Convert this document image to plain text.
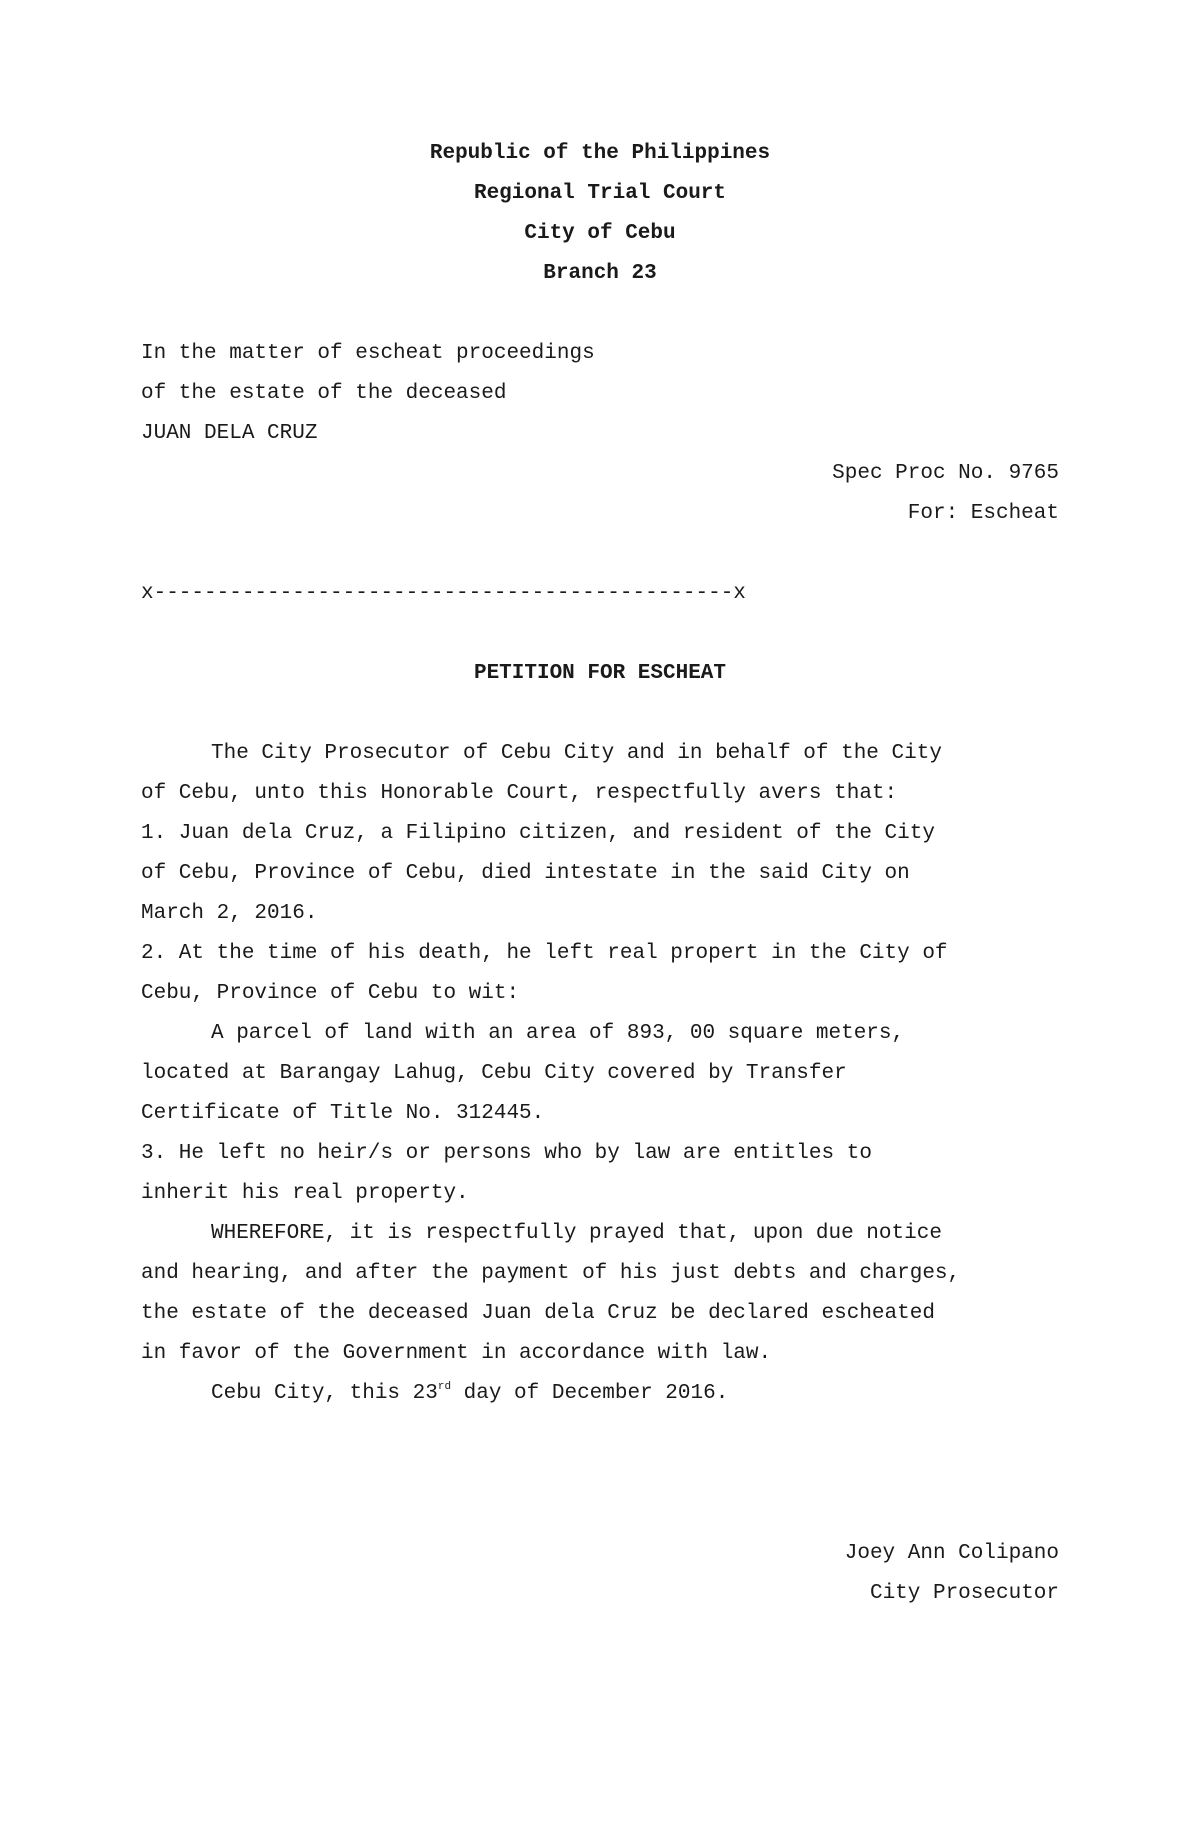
Republic of the Philippines
Regional Trial Court
City of Cebu
Branch 23
In the matter of escheat proceedings
of the estate of the deceased
JUAN DELA CRUZ
Spec Proc No. 9765
For: Escheat
x----------------------------------------------x
PETITION FOR ESCHEAT
The City Prosecutor of Cebu City and in behalf of the City
of Cebu, unto this Honorable Court, respectfully avers that:
1. Juan dela Cruz, a Filipino citizen, and resident of the City
of Cebu, Province of Cebu, died intestate in the said City on
March 2, 2016.
2. At the time of his death, he left real propert in the City of
Cebu, Province of Cebu to wit:
A parcel of land with an area of 893, 00 square meters,
located at Barangay Lahug, Cebu City covered by Transfer
Certificate of Title No. 312445.
3. He left no heir/s or persons who by law are entitles to
inherit his real property.
WHEREFORE, it is respectfully prayed that, upon due notice
and hearing, and after the payment of his just debts and charges,
the estate of the deceased Juan dela Cruz be declared escheated
in favor of the Government in accordance with law.
Cebu City, this 23rd day of December 2016.
Joey Ann Colipano
City Prosecutor
